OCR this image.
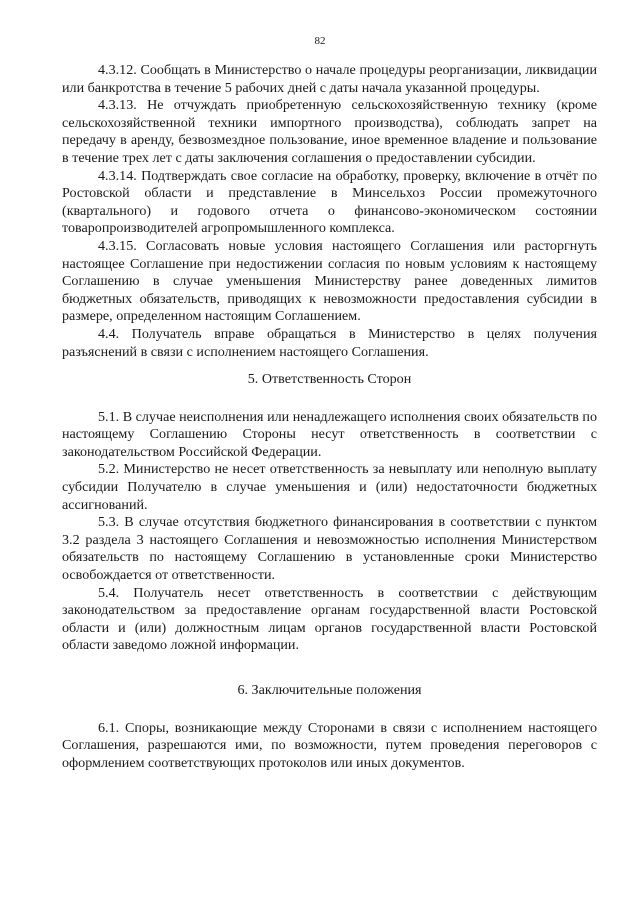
82

4.3.12. Сообщать в Министерство о начале процедуры реорганизации, ликвидации или банкротства в течение 5 рабочих дней с даты начала указанной процедуры.

4.3.13. Не отчуждать приобретенную сельскохозяйственную технику (кроме сельскохозяйственной техники импортного производства), соблюдать запрет на передачу в аренду, безвозмездное пользование, иное временное владение и пользование в течение трех лет с даты заключения соглашения о предоставлении субсидии.

4.3.14. Подтверждать свое согласие на обработку, проверку, включение в отчёт по Ростовской области и представление в Минсельхоз России промежуточного (квартального) и годового отчета о финансово-экономическом состоянии товаропроизводителей агропромышленного комплекса.

4.3.15. Согласовать новые условия настоящего Соглашения или расторгнуть настоящее Соглашение при недостижении согласия по новым условиям к настоящему Соглашению в случае уменьшения Министерству ранее доведенных лимитов бюджетных обязательств, приводящих к невозможности предоставления субсидии в размере, определенном настоящим Соглашением.

4.4. Получатель вправе обращаться в Министерство в целях получения разъяснений в связи с исполнением настоящего Соглашения.

5. Ответственность Сторон

5.1. В случае неисполнения или ненадлежащего исполнения своих обязательств по настоящему Соглашению Стороны несут ответственность в соответствии с законодательством Российской Федерации.

5.2. Министерство не несет ответственность за невыплату или неполную выплату субсидии Получателю в случае уменьшения и (или) недостаточности бюджетных ассигнований.

5.3. В случае отсутствия бюджетного финансирования в соответствии с пунктом 3.2 раздела 3 настоящего Соглашения и невозможностью исполнения Министерством обязательств по настоящему Соглашению в установленные сроки Министерство освобождается от ответственности.

5.4. Получатель несет ответственность в соответствии с действующим законодательством за предоставление органам государственной власти Ростовской области и (или) должностным лицам органов государственной власти Ростовской области заведомо ложной информации.

6. Заключительные положения

6.1. Споры, возникающие между Сторонами в связи с исполнением настоящего Соглашения, разрешаются ими, по возможности, путем проведения переговоров с оформлением соответствующих протоколов или иных документов.
